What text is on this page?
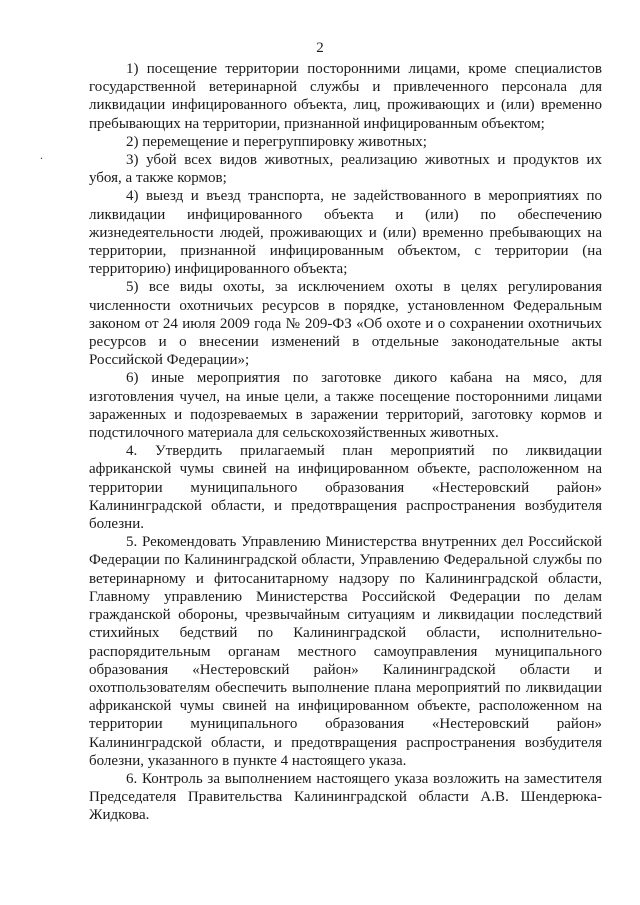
2
.

1) посещение территории посторонними лицами, кроме специалистов государственной ветеринарной службы и привлеченного персонала для ликвидации инфицированного объекта, лиц, проживающих и (или) временно пребывающих на территории, признанной инфицированным объектом;

2) перемещение и перегруппировку животных;

3) убой всех видов животных, реализацию животных и продуктов их убоя, а также кормов;

4) выезд и въезд транспорта, не задействованного в мероприятиях по ликвидации инфицированного объекта и (или) по обеспечению жизнедеятельности людей, проживающих и (или) временно пребывающих на территории, признанной инфицированным объектом, с территории (на территорию) инфицированного объекта;

5) все виды охоты, за исключением охоты в целях регулирования численности охотничьих ресурсов в порядке, установленном Федеральным законом от 24 июля 2009 года № 209-ФЗ «Об охоте и о сохранении охотничьих ресурсов и о внесении изменений в отдельные законодательные акты Российской Федерации»;

6) иные мероприятия по заготовке дикого кабана на мясо, для изготовления чучел, на иные цели, а также посещение посторонними лицами зараженных и подозреваемых в заражении территорий, заготовку кормов и подстилочного материала для сельскохозяйственных животных.

4. Утвердить прилагаемый план мероприятий по ликвидации африканской чумы свиней на инфицированном объекте, расположенном на территории муниципального образования «Нестеровский район» Калининградской области, и предотвращения распространения возбудителя болезни.

5. Рекомендовать Управлению Министерства внутренних дел Российской Федерации по Калининградской области, Управлению Федеральной службы по ветеринарному и фитосанитарному надзору по Калининградской области, Главному управлению Министерства Российской Федерации по делам гражданской обороны, чрезвычайным ситуациям и ликвидации последствий стихийных бедствий по Калининградской области, исполнительно-распорядительным органам местного самоуправления муниципального образования «Нестеровский район» Калининградской области и охотпользователям обеспечить выполнение плана мероприятий по ликвидации африканской чумы свиней на инфицированном объекте, расположенном на территории муниципального образования «Нестеровский район» Калининградской области, и предотвращения распространения возбудителя болезни, указанного в пункте 4 настоящего указа.

6. Контроль за выполнением настоящего указа возложить на заместителя Председателя Правительства Калининградской области А.В. Шендерюка-Жидкова.
